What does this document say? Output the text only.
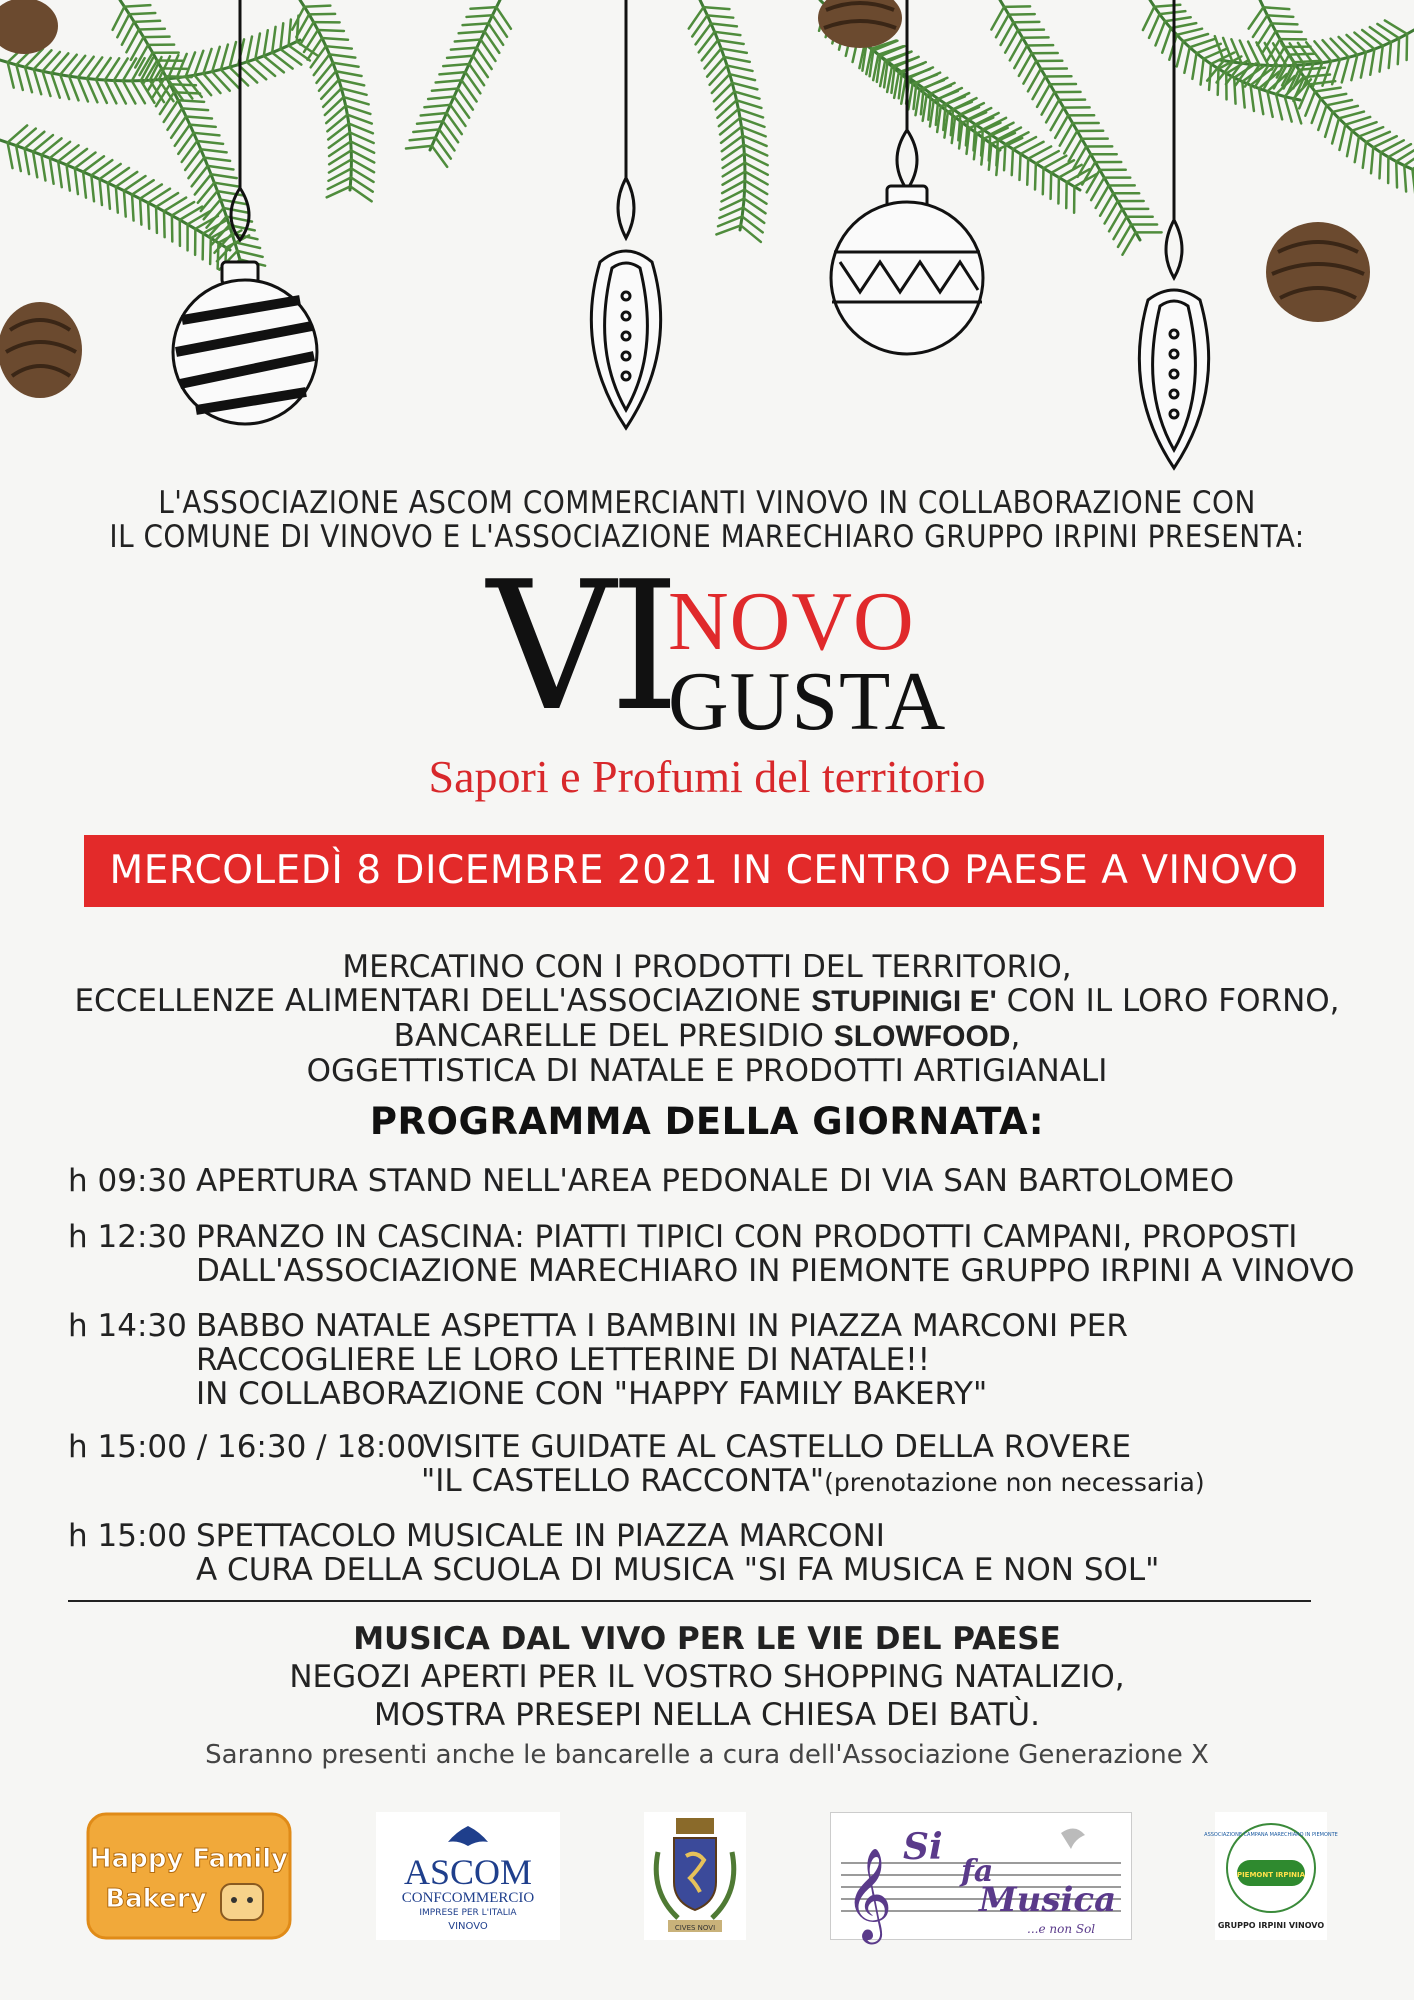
L'ASSOCIAZIONE ASCOM COMMERCIANTI VINOVO IN COLLABORAZIONE CON
IL COMUNE DI VINOVO E L'ASSOCIAZIONE MARECHIARO GRUPPO IRPINI PRESENTA:
VI
NOVO
GUSTA
Sapori e Profumi del territorio
MERCOLEDÌ 8 DICEMBRE 2021 IN CENTRO PAESE A VINOVO
MERCATINO CON I PRODOTTI DEL TERRITORIO,
ECCELLENZE ALIMENTARI DELL'ASSOCIAZIONE STUPINIGI E' CON IL LORO FORNO,
BANCARELLE DEL PRESIDIO SLOWFOOD,
OGGETTISTICA DI NATALE E PRODOTTI ARTIGIANALI
PROGRAMMA DELLA GIORNATA:
h 09:30 APERTURA STAND NELL'AREA PEDONALE DI VIA SAN BARTOLOMEO
h 12:30 PRANZO IN CASCINA: PIATTI TIPICI CON PRODOTTI CAMPANI, PROPOSTI
DALL'ASSOCIAZIONE MARECHIARO IN PIEMONTE GRUPPO IRPINI A VINOVO
h 14:30 BABBO NATALE ASPETTA I BAMBINI IN PIAZZA MARCONI PER
RACCOGLIERE LE LORO LETTERINE DI NATALE!!
IN COLLABORAZIONE CON "HAPPY FAMILY BAKERY"
h 15:00 / 16:30 / 18:00
VISITE GUIDATE AL CASTELLO DELLA ROVERE
"IL CASTELLO RACCONTA"(prenotazione non necessaria)
h 15:00 SPETTACOLO MUSICALE IN PIAZZA MARCONI
A CURA DELLA SCUOLA DI MUSICA "SI FA MUSICA E NON SOL"
MUSICA DAL VIVO PER LE VIE DEL PAESE
NEGOZI APERTI PER IL VOSTRO SHOPPING NATALIZIO,
MOSTRA PRESEPI NELLA CHIESA DEI BATÙ.
Saranno presenti anche le bancarelle a cura dell'Associazione Generazione X
Happy Family
Bakery
ASCOM
CONFCOMMERCIO
IMPRESE PER L'ITALIA
VINOVO	CIVES NOVI 𝄞 Si
fa
Musica
...e non Sol
ASSOCIAZIONE CAMPANA MARECHIARO IN PIEMONTE
PIEMONT IRPINIA
GRUPPO IRPINI VINOVO
